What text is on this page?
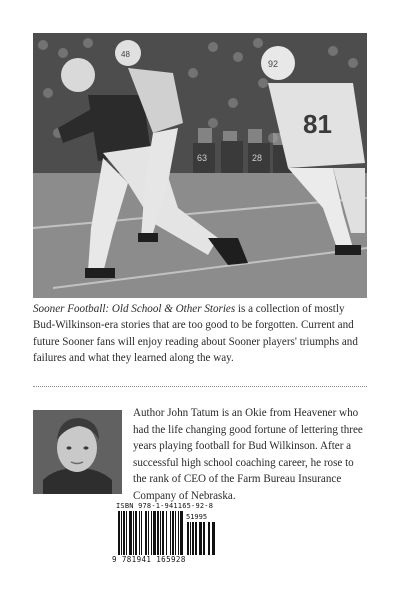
63	28
48
92
81

Sooner Football: Old School & Other Stories is a collection of mostly Bud-Wilkinson-era stories that are too good to be forgotten. Current and future Sooner fans will enjoy reading about Sooner players' triumphs and failures and what they learned along the way.

Author John Tatum is an Okie from Heavener who had the life changing good fortune of lettering three years playing football for Bud Wilkinson. After a successful high school coaching career, he rose to the rank of CEO of the Farm Bureau Insurance Company of Nebraska.

ISBN 978-1-941165-92-8
51995
9 781941 165928
